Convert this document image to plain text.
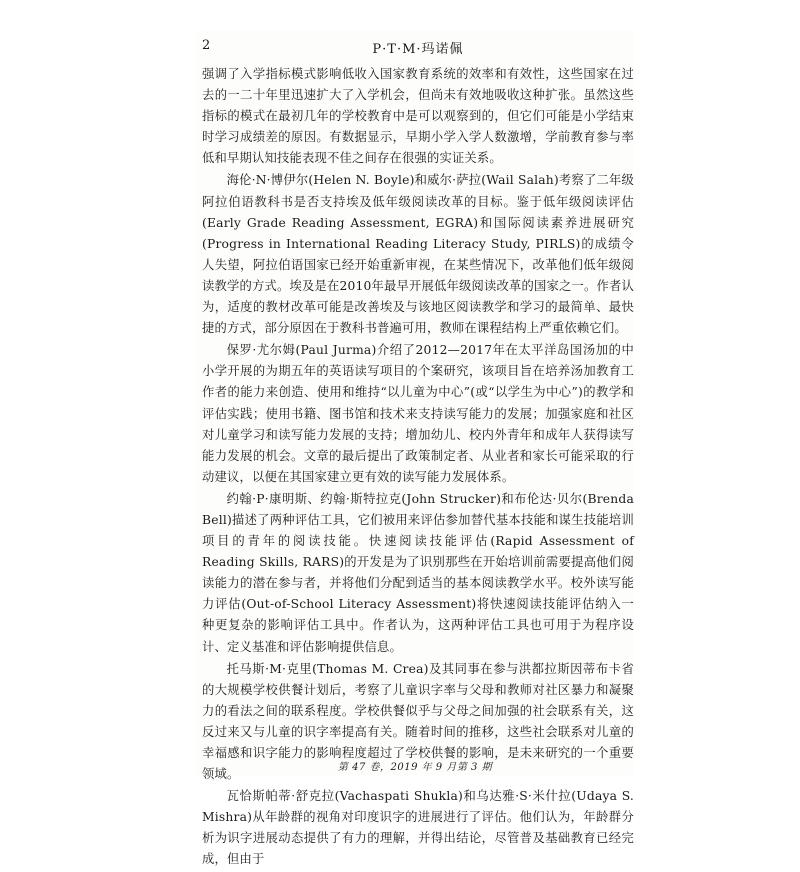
2	P·T·M·玛诺佩

强调了入学指标模式影响低收入国家教育系统的效率和有效性，这些国家在过去的一二十年里迅速扩大了入学机会，但尚未有效地吸收这种扩张。虽然这些指标的模式在最初几年的学校教育中是可以观察到的，但它们可能是小学结束时学习成绩差的原因。有数据显示，早期小学入学人数激增，学前教育参与率低和早期认知技能表现不佳之间存在很强的实证关系。

海伦·N·博伊尔(Helen N. Boyle)和威尔·萨拉(Wail Salah)考察了二年级阿拉伯语教科书是否支持埃及低年级阅读改革的目标。鉴于低年级阅读评估(Early Grade Reading Assessment, EGRA)和国际阅读素养进展研究(Progress in International Reading Literacy Study, PIRLS)的成绩令人失望，阿拉伯语国家已经开始重新审视，在某些情况下，改革他们低年级阅读教学的方式。埃及是在2010年最早开展低年级阅读改革的国家之一。作者认为，适度的教材改革可能是改善埃及与该地区阅读教学和学习的最简单、最快捷的方式，部分原因在于教科书普遍可用，教师在课程结构上严重依赖它们。

保罗·尤尔姆(Paul Jurma)介绍了2012—2017年在太平洋岛国汤加的中小学开展的为期五年的英语读写项目的个案研究，该项目旨在培养汤加教育工作者的能力来创造、使用和维持“以儿童为中心”(或“以学生为中心”)的教学和评估实践；使用书籍、图书馆和技术来支持读写能力的发展；加强家庭和社区对儿童学习和读写能力发展的支持；增加幼儿、校内外青年和成年人获得读写能力发展的机会。文章的最后提出了政策制定者、从业者和家长可能采取的行动建议，以便在其国家建立更有效的读写能力发展体系。

约翰·P·康明斯、约翰·斯特拉克(John Strucker)和布伦达·贝尔(Brenda Bell)描述了两种评估工具，它们被用来评估参加替代基本技能和谋生技能培训项目的青年的阅读技能。快速阅读技能评估(Rapid Assessment of Reading Skills, RARS)的开发是为了识别那些在开始培训前需要提高他们阅读能力的潜在参与者，并将他们分配到适当的基本阅读教学水平。校外读写能力评估(Out-of-School Literacy Assessment)将快速阅读技能评估纳入一种更复杂的影响评估工具中。作者认为，这两种评估工具也可用于为程序设计、定义基准和评估影响提供信息。

托马斯·M·克里(Thomas M. Crea)及其同事在参与洪都拉斯因蒂布卡省的大规模学校供餐计划后，考察了儿童识字率与父母和教师对社区暴力和凝聚力的看法之间的联系程度。学校供餐似乎与父母之间加强的社会联系有关，这反过来又与儿童的识字率提高有关。随着时间的推移，这些社会联系对儿童的幸福感和识字能力的影响程度超过了学校供餐的影响，是未来研究的一个重要领域。

瓦恰斯帕蒂·舒克拉(Vachaspati Shukla)和乌达雅·S·米什拉(Udaya S. Mishra)从年龄群的视角对印度识字的进展进行了评估。他们认为，年龄群分析为识字进展动态提供了有力的理解，并得出结论，尽管普及基础教育已经完成，但由于

第 47 卷，2019 年 9 月第 3 期
